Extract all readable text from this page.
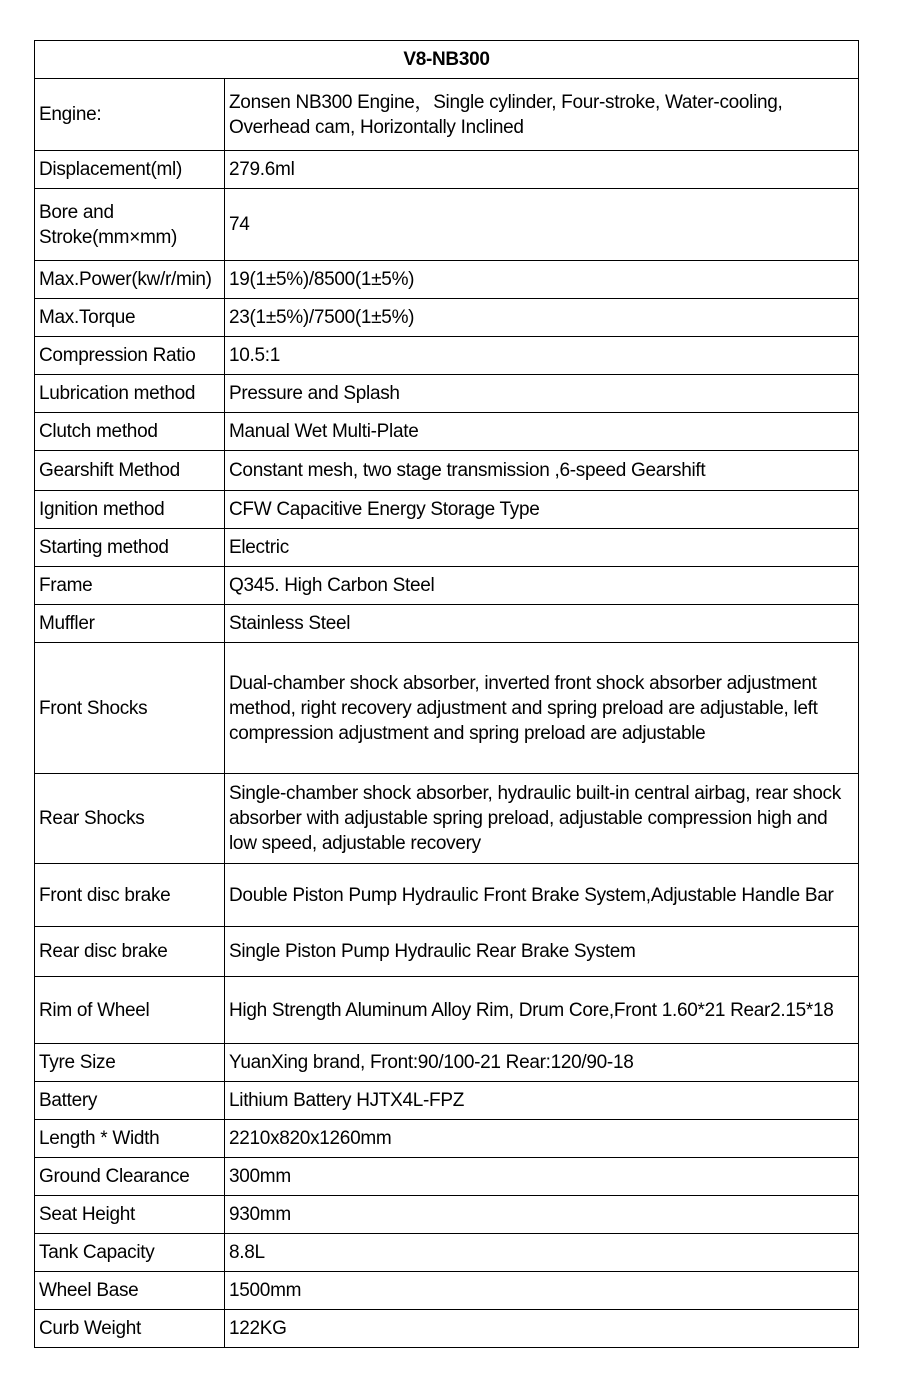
V8-NB300	
Engine:	Zonsen NB300 Engine，Single cylinder, Four-stroke, Water-cooling, Overhead cam, Horizontally Inclined
Displacement(ml)	279.6ml
Bore and Stroke(mm×mm)	74
Max.Power(kw/r/min)	19(1±5%)/8500(1±5%)

Max.Torque	23(1±5%)/7500(1±5%)
Compression Ratio	10.5:1
Lubrication method	Pressure and Splash
Clutch method	Manual Wet Multi-Plate
Gearshift Method	Constant mesh, two stage transmission ,6-speed Gearshift
Ignition method	CFW Capacitive Energy Storage Type
Starting method	Electric
Frame	Q345. High Carbon Steel
Muffler	Stainless Steel
Front Shocks	Dual-chamber shock absorber, inverted front shock absorber adjustment method, right recovery adjustment and spring preload are adjustable, left compression adjustment and spring preload are adjustable
Rear Shocks	Single-chamber shock absorber, hydraulic built-in central airbag, rear shock absorber with adjustable spring preload, adjustable compression high and low speed, adjustable recovery
Front disc brake	Double Piston Pump Hydraulic Front Brake System,Adjustable Handle Bar
Rear disc brake	Single Piston Pump Hydraulic Rear Brake System
Rim of Wheel	High Strength Aluminum Alloy Rim, Drum Core,Front 1.60*21 Rear2.15*18
Tyre Size	YuanXing brand, Front:90/100-21 Rear:120/90-18
Battery	Lithium Battery HJTX4L-FPZ

Length * Width	2210x820x1260mm
Ground Clearance	300mm
Seat Height	930mm
Tank Capacity	8.8L
Wheel Base	1500mm
Curb Weight	122KG
